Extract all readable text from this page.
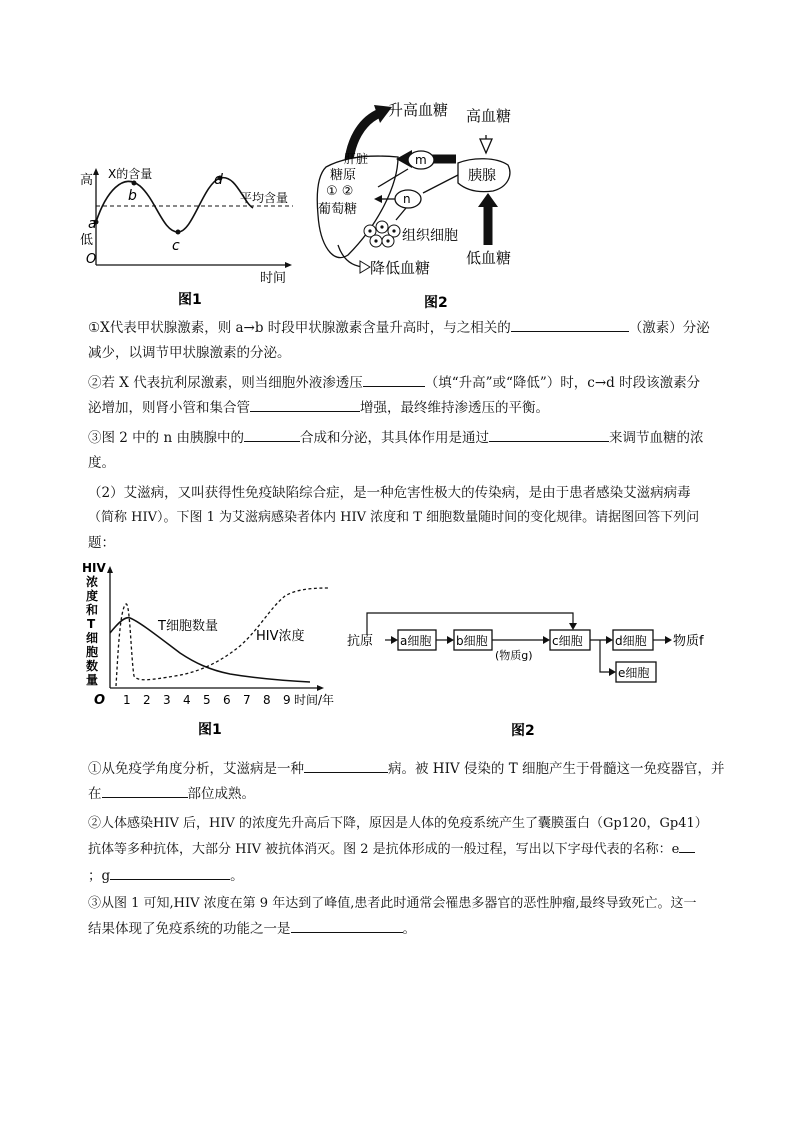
高
低
a
b
c
d
O
X的含量
平均含量
时间
图1
升高血糖 高血糖
肝脏
糖原
① ②
葡萄糖
m
n
胰腺
组织细胞
降低血糖
低血糖
图2
①X代表甲状腺激素，则 a→b 时段甲状腺激素含量升高时，与之相关的	（激素）分泌
减少，以调节甲状腺激素的分泌。
②若 X 代表抗利尿激素，则当细胞外液渗透压	（填“升高”或“降低”）时，c→d 时段该激素分
泌增加，则肾小管和集合管	增强，最终维持渗透压的平衡。
③图 2 中的 n 由胰腺中的	合成和分泌，其具体作用是通过	来调节血糖的浓
度。
（2）艾滋病，又叫获得性免疫缺陷综合症，是一种危害性极大的传染病，是由于患者感染艾滋病病毒
（简称 HIV）。下图 1 为艾滋病感染者体内 HIV 浓度和 T 细胞数量随时间的变化规律。请据图回答下列问
题：
HIV
浓
度
和
T
细
胞
数
量
O 1 2 3 4 5 6 7 8 9 时间/年
T细胞数量
HIV浓度
图1
抗原 a细胞 b细胞	c细胞	d细胞
e细胞
(物质g)
物质f
图2
①从免疫学角度分析，艾滋病是一种	病。被 HIV 侵染的 T 细胞产生于骨髓这一免疫器官，并
在	部位成熟。
②人体感染HIV 后，HIV 的浓度先升高后下降，原因是人体的免疫系统产生了囊膜蛋白（Gp120，Gp41）
抗体等多种抗体，大部分 HIV 被抗体消灭。图 2 是抗体形成的一般过程，写出以下字母代表的名称：e
；g	。
③从图 1 可知,HIV 浓度在第 9 年达到了峰值,患者此时通常会罹患多器官的恶性肿瘤,最终导致死亡。这一
结果体现了免疫系统的功能之一是	。
